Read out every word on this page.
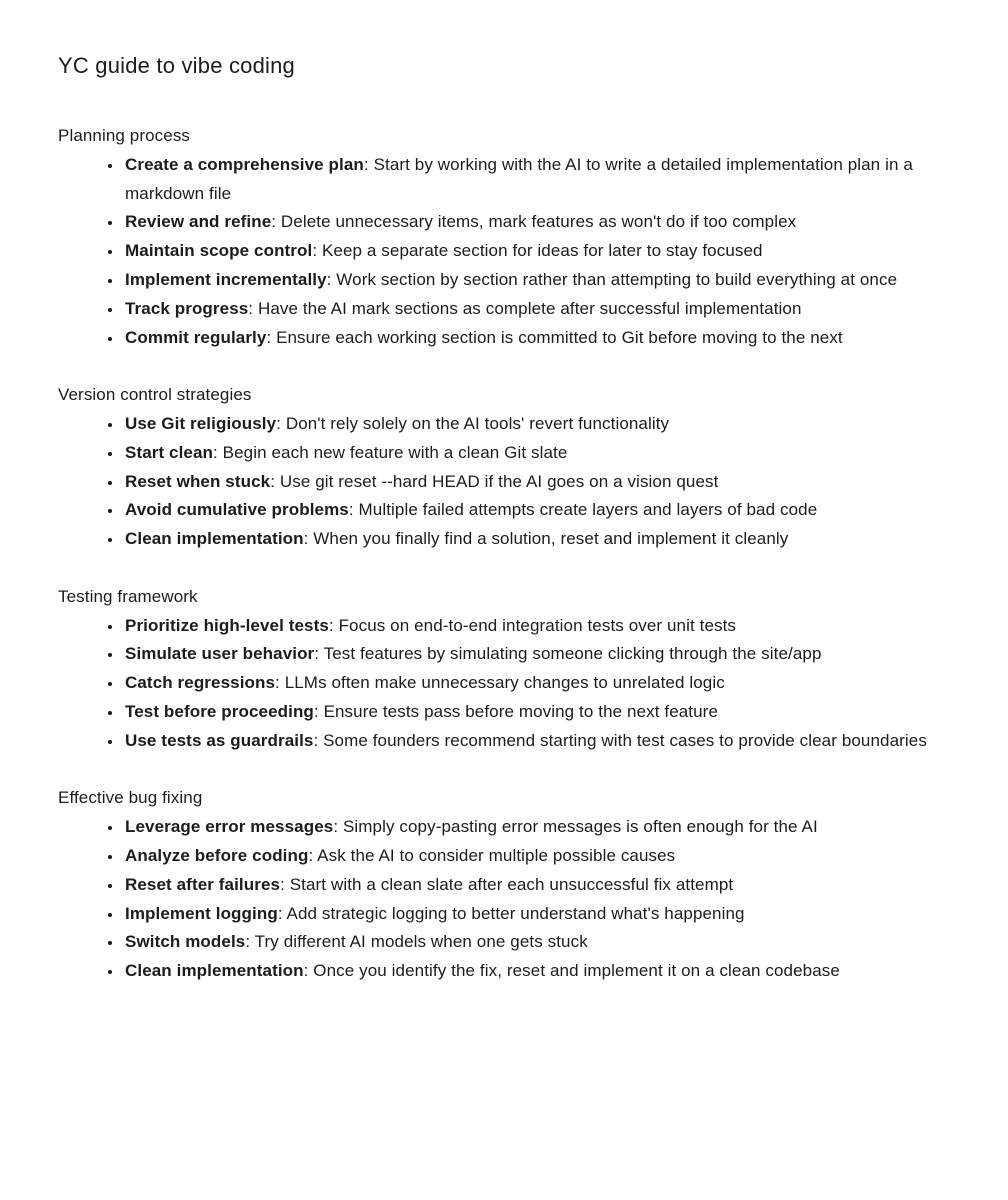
YC guide to vibe coding
Planning process
• Create a comprehensive plan: Start by working with the AI to write a detailed implementation plan in a markdown file
• Review and refine: Delete unnecessary items, mark features as won't do if too complex
• Maintain scope control: Keep a separate section for ideas for later to stay focused
• Implement incrementally: Work section by section rather than attempting to build everything at once
• Track progress: Have the AI mark sections as complete after successful implementation
• Commit regularly: Ensure each working section is committed to Git before moving to the next
Version control strategies
• Use Git religiously: Don't rely solely on the AI tools' revert functionality
• Start clean: Begin each new feature with a clean Git slate
• Reset when stuck: Use git reset --hard HEAD if the AI goes on a vision quest
• Avoid cumulative problems: Multiple failed attempts create layers and layers of bad code
• Clean implementation: When you finally find a solution, reset and implement it cleanly
Testing framework
• Prioritize high-level tests: Focus on end-to-end integration tests over unit tests
• Simulate user behavior: Test features by simulating someone clicking through the site/app
• Catch regressions: LLMs often make unnecessary changes to unrelated logic
• Test before proceeding: Ensure tests pass before moving to the next feature
• Use tests as guardrails: Some founders recommend starting with test cases to provide clear boundaries
Effective bug fixing
• Leverage error messages: Simply copy-pasting error messages is often enough for the AI
• Analyze before coding: Ask the AI to consider multiple possible causes
• Reset after failures: Start with a clean slate after each unsuccessful fix attempt
• Implement logging: Add strategic logging to better understand what's happening
• Switch models: Try different AI models when one gets stuck
• Clean implementation: Once you identify the fix, reset and implement it on a clean codebase
